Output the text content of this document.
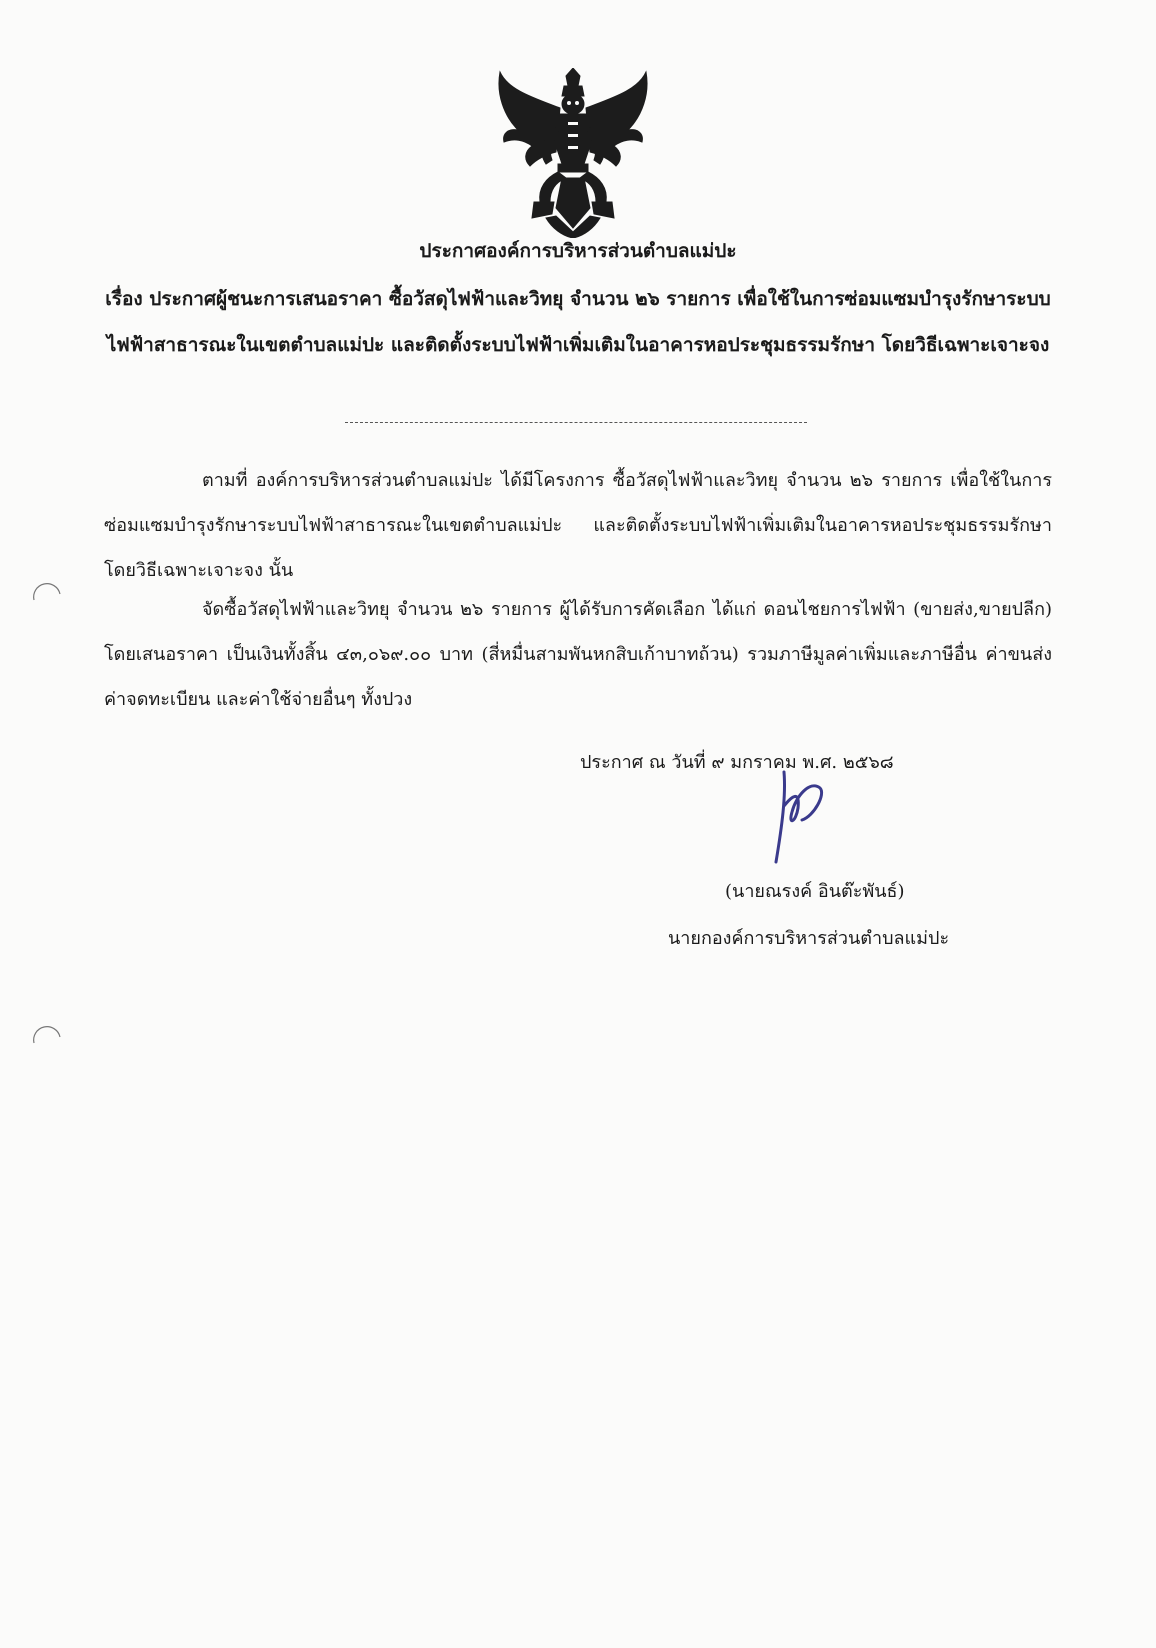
ประกาศองค์การบริหารส่วนตำบลแม่ปะ
เรื่อง ประกาศผู้ชนะการเสนอราคา ซื้อวัสดุไฟฟ้าและวิทยุ จำนวน ๒๖ รายการ เพื่อใช้ในการซ่อมแซมบำรุงรักษาระบบไฟฟ้าสาธารณะในเขตตำบลแม่ปะ และติดตั้งระบบไฟฟ้าเพิ่มเติมในอาคารหอประชุมธรรมรักษา โดยวิธีเฉพาะเจาะจง

ตามที่ องค์การบริหารส่วนตำบลแม่ปะ ได้มีโครงการ ซื้อวัสดุไฟฟ้าและวิทยุ จำนวน ๒๖ รายการ เพื่อใช้ในการซ่อมแซมบำรุงรักษาระบบไฟฟ้าสาธารณะในเขตตำบลแม่ปะ และติดตั้งระบบไฟฟ้าเพิ่มเติมในอาคารหอประชุมธรรมรักษา โดยวิธีเฉพาะเจาะจง นั้น

จัดซื้อวัสดุไฟฟ้าและวิทยุ จำนวน ๒๖ รายการ ผู้ได้รับการคัดเลือก ได้แก่ ดอนไชยการไฟฟ้า (ขายส่ง,ขายปลีก) โดยเสนอราคา เป็นเงินทั้งสิ้น ๔๓,๐๖๙.๐๐ บาท (สี่หมื่นสามพันหกสิบเก้าบาทถ้วน) รวมภาษีมูลค่าเพิ่มและภาษีอื่น ค่าขนส่ง ค่าจดทะเบียน และค่าใช้จ่ายอื่นๆ ทั้งปวง

ประกาศ ณ วันที่ ๙ มกราคม พ.ศ. ๒๕๖๘
(นายณรงค์ อินต๊ะพันธ์)
นายกองค์การบริหารส่วนตำบลแม่ปะ
